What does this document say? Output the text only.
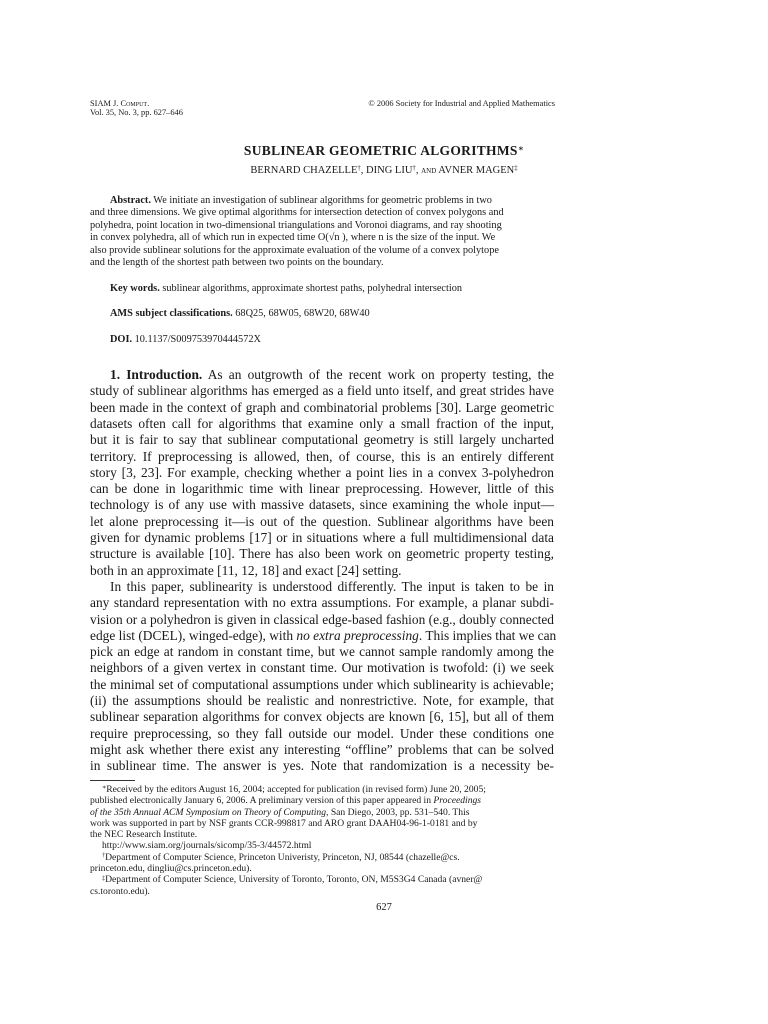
SIAM J. Comput.
Vol. 35, No. 3, pp. 627–646
© 2006 Society for Industrial and Applied Mathematics
SUBLINEAR GEOMETRIC ALGORITHMS∗
BERNARD CHAZELLE†, DING LIU†, and AVNER MAGEN‡
Abstract. We initiate an investigation of sublinear algorithms for geometric problems in two
and three dimensions. We give optimal algorithms for intersection detection of convex polygons and
polyhedra, point location in two-dimensional triangulations and Voronoi diagrams, and ray shooting
in convex polyhedra, all of which run in expected time O(√n ), where n is the size of the input. We
also provide sublinear solutions for the approximate evaluation of the volume of a convex polytope
and the length of the shortest path between two points on the boundary.
Key words. sublinear algorithms, approximate shortest paths, polyhedral intersection
AMS subject classifications. 68Q25, 68W05, 68W20, 68W40
DOI. 10.1137/S009753970444572X
1. Introduction. As an outgrowth of the recent work on property testing, the
study of sublinear algorithms has emerged as a field unto itself, and great strides have
been made in the context of graph and combinatorial problems [30]. Large geometric
datasets often call for algorithms that examine only a small fraction of the input,
but it is fair to say that sublinear computational geometry is still largely uncharted
territory. If preprocessing is allowed, then, of course, this is an entirely different
story [3, 23]. For example, checking whether a point lies in a convex 3-polyhedron
can be done in logarithmic time with linear preprocessing. However, little of this
technology is of any use with massive datasets, since examining the whole input—
let alone preprocessing it—is out of the question. Sublinear algorithms have been
given for dynamic problems [17] or in situations where a full multidimensional data
structure is available [10]. There has also been work on geometric property testing,
both in an approximate [11, 12, 18] and exact [24] setting.
In this paper, sublinearity is understood differently. The input is taken to be in
any standard representation with no extra assumptions. For example, a planar subdi-
vision or a polyhedron is given in classical edge-based fashion (e.g., doubly connected
edge list (DCEL), winged-edge), with no extra preprocessing. This implies that we can
pick an edge at random in constant time, but we cannot sample randomly among the
neighbors of a given vertex in constant time. Our motivation is twofold: (i) we seek
the minimal set of computational assumptions under which sublinearity is achievable;
(ii) the assumptions should be realistic and nonrestrictive. Note, for example, that
sublinear separation algorithms for convex objects are known [6, 15], but all of them
require preprocessing, so they fall outside our model. Under these conditions one
might ask whether there exist any interesting “offline” problems that can be solved
in sublinear time. The answer is yes. Note that randomization is a necessity be-
∗Received by the editors August 16, 2004; accepted for publication (in revised form) June 20, 2005;
published electronically January 6, 2006. A preliminary version of this paper appeared in Proceedings
of the 35th Annual ACM Symposium on Theory of Computing, San Diego, 2003, pp. 531–540. This
work was supported in part by NSF grants CCR-998817 and ARO grant DAAH04-96-1-0181 and by
the NEC Research Institute.
http://www.siam.org/journals/sicomp/35-3/44572.html
†Department of Computer Science, Princeton Univeristy, Princeton, NJ, 08544 (chazelle@cs.
princeton.edu, dingliu@cs.princeton.edu).
‡Department of Computer Science, University of Toronto, Toronto, ON, M5S3G4 Canada (avner@
cs.toronto.edu).
627
